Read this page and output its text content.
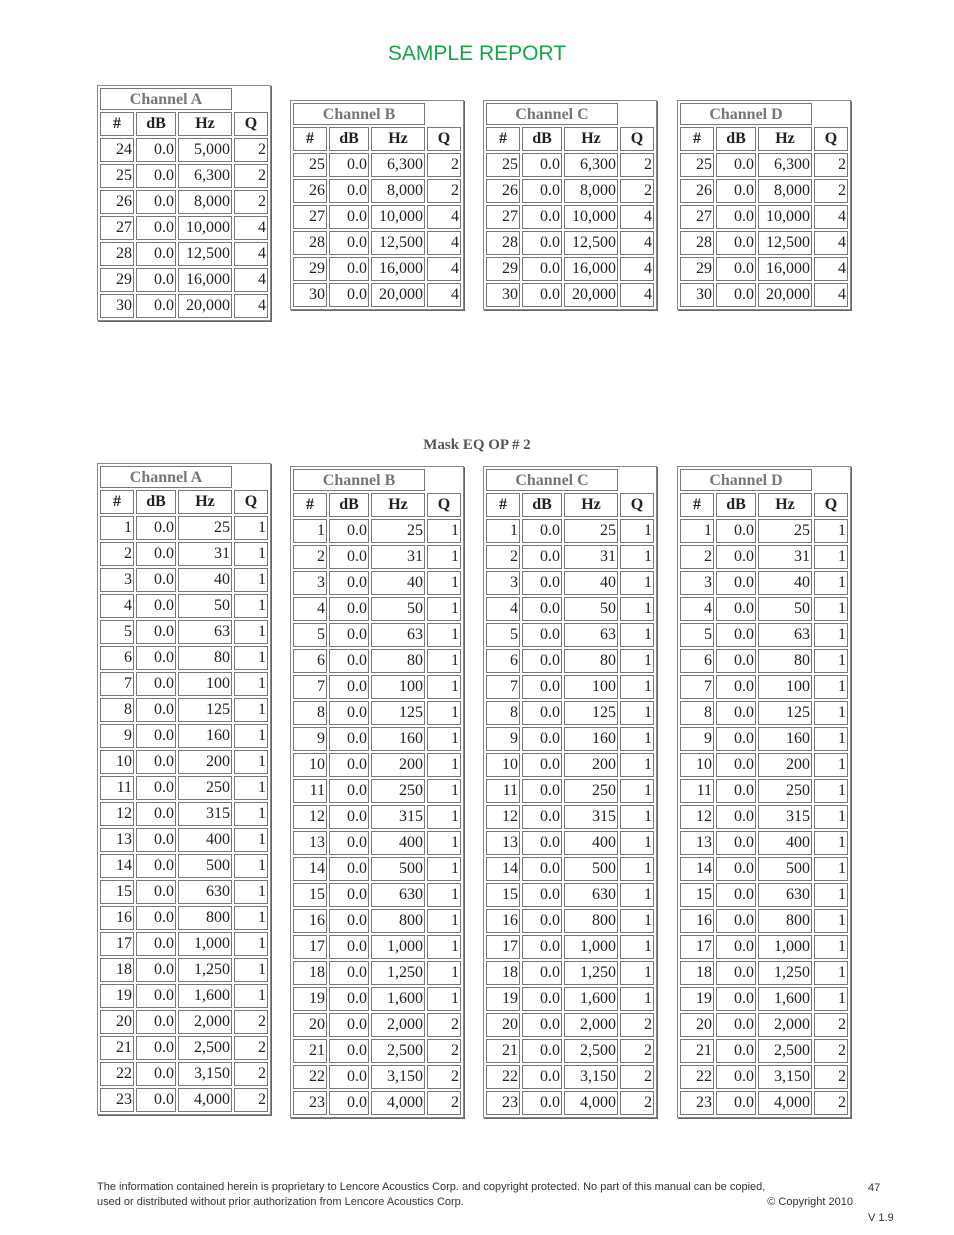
SAMPLE REPORT
Channel A			
#	dB	Hz	Q
24	0.0	5,000	2
25	0.0	6,300	2
26	0.0	8,000	2
27	0.0	10,000	4
28	0.0	12,500	4
29	0.0	16,000	4
30	0.0	20,000	4
Channel B			
#	dB	Hz	Q
25	0.0	6,300	2
26	0.0	8,000	2
27	0.0	10,000	4
28	0.0	12,500	4
29	0.0	16,000	4
30	0.0	20,000	4
Channel C			
#	dB	Hz	Q
25	0.0	6,300	2
26	0.0	8,000	2
27	0.0	10,000	4
28	0.0	12,500	4
29	0.0	16,000	4
30	0.0	20,000	4
Channel D			
#	dB	Hz	Q
25	0.0	6,300	2
26	0.0	8,000	2
27	0.0	10,000	4
28	0.0	12,500	4
29	0.0	16,000	4
30	0.0	20,000	4
Mask EQ OP # 2
Channel A			
#	dB	Hz	Q
1	0.0	25	1
2	0.0	31	1
3	0.0	40	1
4	0.0	50	1
5	0.0	63	1
6	0.0	80	1
7	0.0	100	1
8	0.0	125	1
9	0.0	160	1
10	0.0	200	1
11	0.0	250	1
12	0.0	315	1
13	0.0	400	1
14	0.0	500	1
15	0.0	630	1
16	0.0	800	1
17	0.0	1,000	1
18	0.0	1,250	1
19	0.0	1,600	1
20	0.0	2,000	2
21	0.0	2,500	2
22	0.0	3,150	2
23	0.0	4,000	2
Channel B			
#	dB	Hz	Q
1	0.0	25	1
2	0.0	31	1
3	0.0	40	1
4	0.0	50	1
5	0.0	63	1
6	0.0	80	1
7	0.0	100	1
8	0.0	125	1
9	0.0	160	1
10	0.0	200	1
11	0.0	250	1
12	0.0	315	1
13	0.0	400	1
14	0.0	500	1
15	0.0	630	1
16	0.0	800	1
17	0.0	1,000	1
18	0.0	1,250	1
19	0.0	1,600	1
20	0.0	2,000	2
21	0.0	2,500	2
22	0.0	3,150	2
23	0.0	4,000	2
Channel C			
#	dB	Hz	Q
1	0.0	25	1
2	0.0	31	1
3	0.0	40	1
4	0.0	50	1
5	0.0	63	1
6	0.0	80	1
7	0.0	100	1
8	0.0	125	1
9	0.0	160	1
10	0.0	200	1
11	0.0	250	1
12	0.0	315	1
13	0.0	400	1
14	0.0	500	1
15	0.0	630	1
16	0.0	800	1
17	0.0	1,000	1
18	0.0	1,250	1
19	0.0	1,600	1
20	0.0	2,000	2
21	0.0	2,500	2
22	0.0	3,150	2
23	0.0	4,000	2
Channel D			
#	dB	Hz	Q
1	0.0	25	1
2	0.0	31	1
3	0.0	40	1
4	0.0	50	1
5	0.0	63	1
6	0.0	80	1
7	0.0	100	1
8	0.0	125	1
9	0.0	160	1
10	0.0	200	1
11	0.0	250	1
12	0.0	315	1
13	0.0	400	1
14	0.0	500	1
15	0.0	630	1
16	0.0	800	1
17	0.0	1,000	1
18	0.0	1,250	1
19	0.0	1,600	1
20	0.0	2,000	2
21	0.0	2,500	2
22	0.0	3,150	2
23	0.0	4,000	2
The information contained herein is proprietary to Lencore Acoustics Corp. and copyright protected. No part of this manual can be copied,
used or distributed without prior authorization from Lencore Acoustics Corp.	© Copyright 2010
47
V 1.9
